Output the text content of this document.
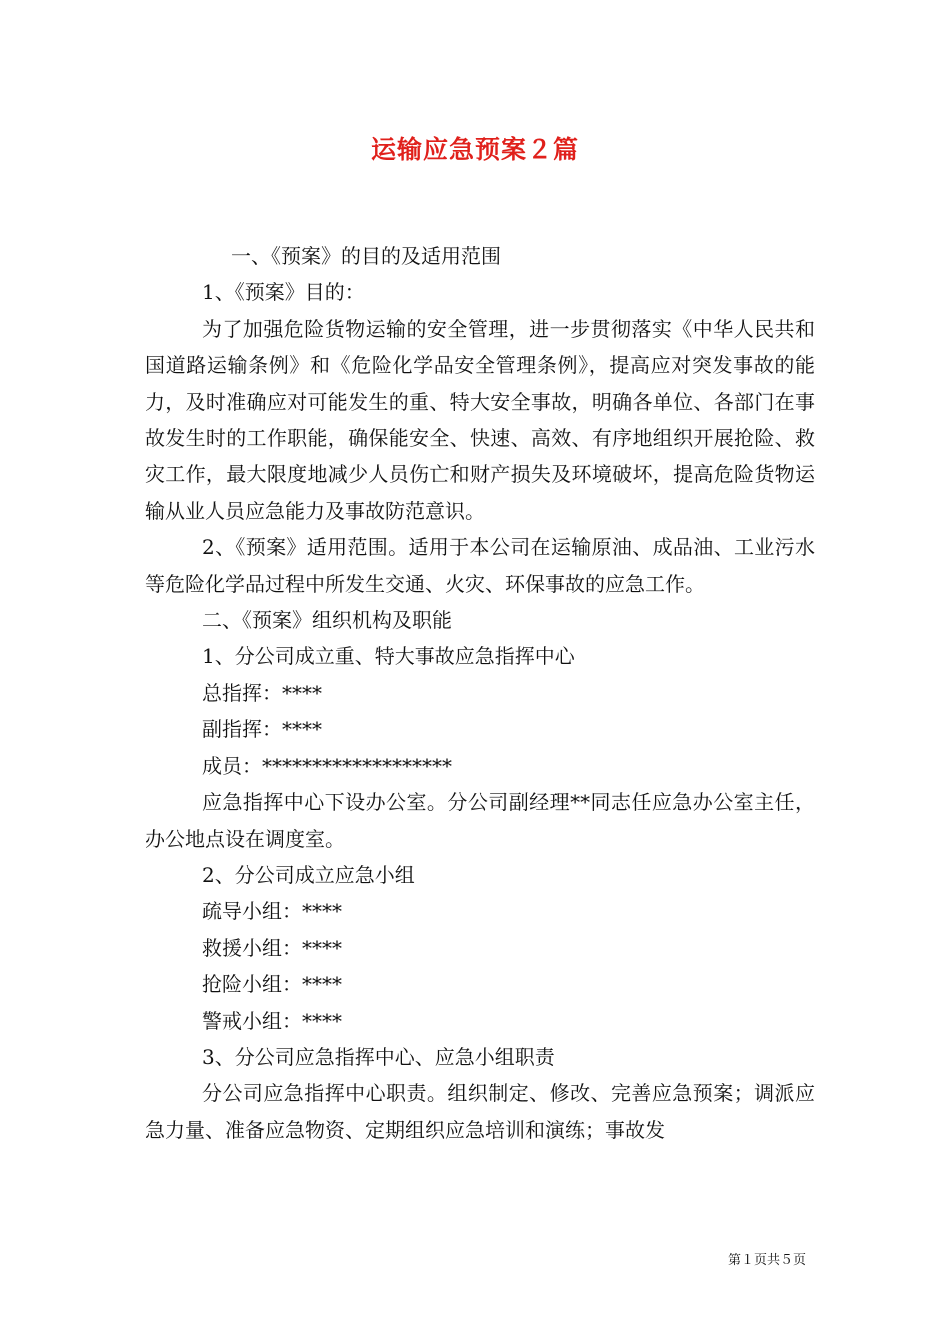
运输应急预案２篇

一、《预案》的目的及适用范围

1、《预案》目的：

为了加强危险货物运输的安全管理，进一步贯彻落实《中华人民共和国道路运输条例》和《危险化学品安全管理条例》，提高应对突发事故的能力，及时准确应对可能发生的重、特大安全事故，明确各单位、各部门在事故发生时的工作职能，确保能安全、快速、高效、有序地组织开展抢险、救灾工作，最大限度地减少人员伤亡和财产损失及环境破坏，提高危险货物运输从业人员应急能力及事故防范意识。

2、《预案》适用范围。适用于本公司在运输原油、成品油、工业污水等危险化学品过程中所发生交通、火灾、环保事故的应急工作。

二、《预案》组织机构及职能

1、分公司成立重、特大事故应急指挥中心

总指挥：****

副指挥：****

成员：*******************

应急指挥中心下设办公室。分公司副经理**同志任应急办公室主任，办公地点设在调度室。

2、分公司成立应急小组

疏导小组：****

救援小组：****

抢险小组：****

警戒小组：****

3、分公司应急指挥中心、应急小组职责

分公司应急指挥中心职责。组织制定、修改、完善应急预案；调派应急力量、准备应急物资、定期组织应急培训和演练；事故发

第１页共５页
